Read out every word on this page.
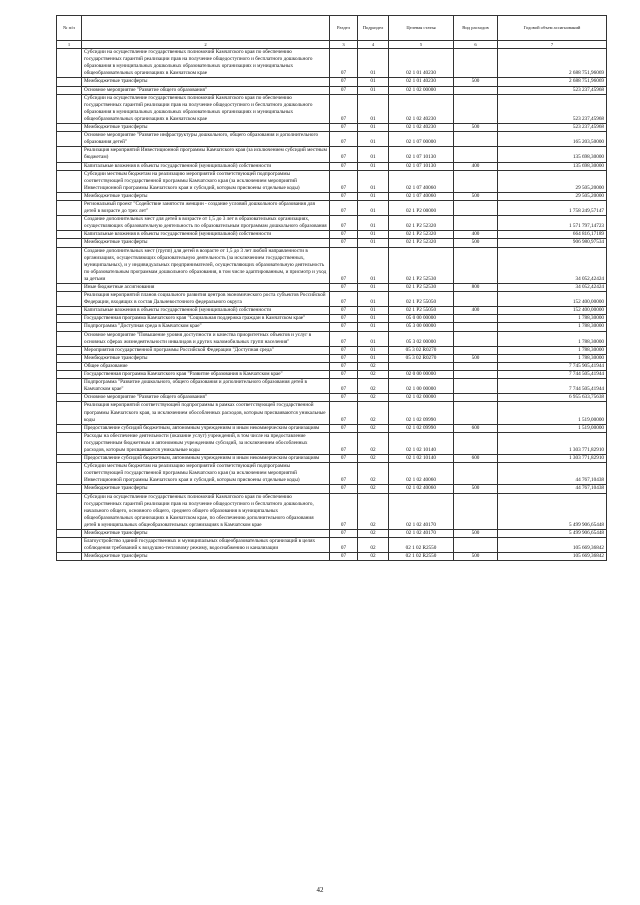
№ п/п		Раздел	Подраздел	Целевая статья	Вид расходов	Годовой объем ассигнований
1	2	3	4	5	6	7
	Субсидии на осуществление государственных полномочий Камчатского края по обеспечению государственных гарантий реализации прав на получение общедоступного и бесплатного дошкольного образования в муниципальных дошкольных образовательных организациях и муниципальных общеобразовательных организациях в Камчатском крае	07	01	02 1 01 40230		2 688 751,96069
	Межбюджетные трансферты	07	01	02 1 01 40230	500	2 688 751,96069
	Основное мероприятие "Развитие общего образования"	07	01	02 1 02 00000		523 237,45968
	Субсидии на осуществление государственных полномочий Камчатского края по обеспечению государственных гарантий реализации прав на получение общедоступного и бесплатного дошкольного образования в муниципальных дошкольных образовательных организациях и муниципальных общеобразовательных организациях в Камчатском крае	07	01	02 1 02 40230		523 237,45968
	Межбюджетные трансферты	07	01	02 1 02 40230	500	523 237,45968
	Основное мероприятие "Развитие инфраструктуры дошкольного, общего образования и дополнительного образования детей"	07	01	02 1 07 00000		165 203,50000
	Реализация мероприятий Инвестиционной программы Камчатского края (за исключением субсидий местным бюджетам)	07	01	02 1 07 10130		135 698,30000
	Капитальные вложения в объекты государственной (муниципальной) собственности	07	01	02 1 07 10130	400	135 698,30000
	Субсидии местным бюджетам на реализацию мероприятий соответствующей подпрограммы соответствующей государственной программы Камчатского края (за исключением мероприятий Инвестиционной программы Камчатского края и субсидий, которым присвоены отдельные коды)	07	01	02 1 07 40060		29 505,20000
	Межбюджетные трансферты	07	01	02 1 07 40060	500	29 505,20000
	Региональный проект "Содействие занятости женщин - создание условий дошкольного образования для детей в возрасте до трех лет"	07	01	02 1 P2 00000		1 758 249,57147
	Создание дополнительных мест для детей в возрасте от 1,5 до 3 лет в образовательных организациях, осуществляющих образовательную деятельность по образовательным программам дошкольного образования	07	01	02 1 P2 52320		1 571 797,14723
	Капитальные вложения в объекты государственной (муниципальной) собственности	07	01	02 1 P2 52320	400	664 816,17189
	Межбюджетные трансферты	07	01	02 1 P2 52320	500	906 980,97534
	Создание дополнительных мест (групп) для детей в возрасте от 1,5 до 3 лет любой направленности в организациях, осуществляющих образовательную деятельность (за исключением государственных, муниципальных), и у индивидуальных предпринимателей, осуществляющих образовательную деятельность по образовательным программам дошкольного образования, в том числе адаптированным, и присмотр и уход за детьми	07	01	02 1 P2 52530		34 052,42424
	Иные бюджетные ассигнования	07	01	02 1 P2 52530	800	34 052,42424
	Реализация мероприятий планов социального развития центров экономического роста субъектов Российской Федерации, входящих в состав Дальневосточного федерального округа	07	01	02 1 P2 55050		152 400,00000
	Капитальные вложения в объекты государственной (муниципальной) собственности	07	01	02 1 P2 55050	400	152 400,00000
	Государственная программа Камчатского края "Социальная поддержка граждан в Камчатском крае"	07	01	05 0 00 00000		1 788,30000
	Подпрограмма "Доступная среда в Камчатском крае"	07	01	05 3 00 00000		1 788,30000
	Основное мероприятие "Повышение уровня доступности и качества приоритетных объектов и услуг в основных сферах жизнедеятельности инвалидов и других маломобильных групп населения"	07	01	05 3 02 00000		1 788,30000
	Мероприятия государственной программы Российской Федерации "Доступная среда"	07	01	05 3 02 R0270		1 788,30000
	Межбюджетные трансферты	07	01	05 3 02 R0270	500	1 788,30000
	Общее образование	07	02			7 745 905,41944
	Государственная программа Камчатского края "Развитие образования в Камчатском крае"	07	02	02 0 00 00000		7 744 505,41944
	Подпрограмма "Развитие дошкольного, общего образования и дополнительного образования детей в Камчатском крае"	07	02	02 1 00 00000		7 744 505,41944
	Основное мероприятие "Развитие общего образования"	07	02	02 1 02 00000		6 955 633,75638
	Реализация мероприятий соответствующей подпрограммы в рамках соответствующей государственной программы Камчатского края, за исключением обособленных расходов, которым присваиваются уникальные коды	07	02	02 1 02 09990		1 519,00000
	Предоставление субсидий бюджетным, автономным учреждениям и иным некоммерческим организациям	07	02	02 1 02 09990	600	1 519,00000
	Расходы на обеспечение деятельности (оказание услуг) учреждений, в том числе на предоставление государственным бюджетным и автономным учреждениям субсидий, за исключением обособленных расходов, которым присваиваются уникальные коды	07	02	02 1 02 10140		1 303 771,82910
	Предоставление субсидий бюджетным, автономным учреждениям и иным некоммерческим организациям	07	02	02 1 02 10140	600	1 303 771,82910
	Субсидии местным бюджетам на реализацию мероприятий соответствующей подпрограммы соответствующей государственной программы Камчатского края (за исключением мероприятий Инвестиционной программы Камчатского края и субсидий, которым присвоены отдельные коды)	07	02	02 1 02 40060		44 767,10438
	Межбюджетные трансферты	07	02	02 1 02 40060	500	44 767,10438
	Субсидии на осуществление государственных полномочий Камчатского края по обеспечению государственных гарантий реализации прав на получение общедоступного и бесплатного дошкольного, начального общего, основного общего, среднего общего образования в муниципальных общеобразовательных организациях в Камчатском крае, по обеспечению дополнительного образования детей в муниципальных общеобразовательных организациях в Камчатском крае	07	02	02 1 02 40170		5 499 906,65448
	Межбюджетные трансферты	07	02	02 1 02 40170	500	5 499 906,65448
	Благоустройство зданий государственных и муниципальных общеобразовательных организаций в целях соблюдения требований к воздушно-тепловому режиму, водоснабжению и канализации	07	02	02 1 02 R2550		105 669,36842
	Межбюджетные трансферты	07	02	02 1 02 R2550	500	105 669,36842
42
